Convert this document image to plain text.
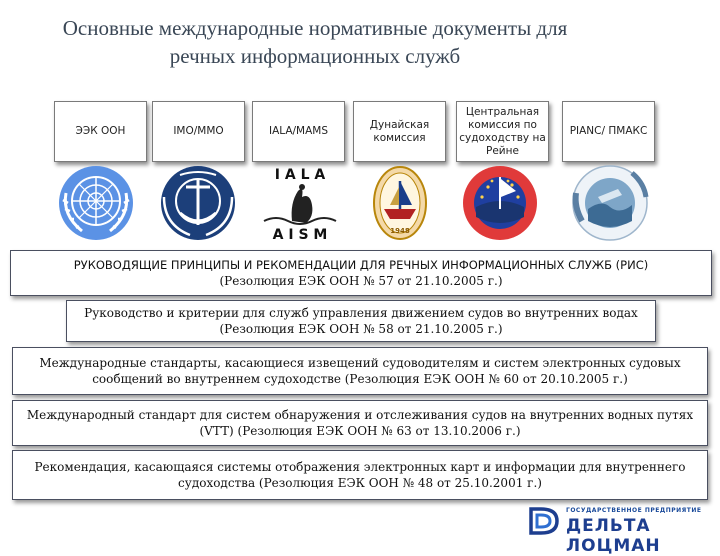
Основные международные нормативные документы для
речных информационных служб
ЭЭК ООН	IMO/ММО	IALA/MAMS
Дунайская комиссия
Центральная комиссия по судоходству на Рейне
PIANC/ ПМАКС
I A L A
A I S M	1948
РУКОВОДЯЩИЕ ПРИНЦИПЫ И РЕКОМЕНДАЦИИ ДЛЯ РЕЧНЫХ ИНФОРМАЦИОННЫХ СЛУЖБ (РИС)
(Резолюция ЕЭК ООН № 57 от 21.10.2005 г.)
Руководство и критерии для служб управления движением судов во внутренних водах
(Резолюция ЕЭК ООН № 58 от 21.10.2005 г.)
Международные стандарты, касающиеся извещений судоводителям и систем электронных судовых
сообщений во внутреннем судоходстве (Резолюция ЕЭК ООН № 60 от 20.10.2005 г.)
Международный стандарт для систем обнаружения и отслеживания судов на внутренних водных путях
(VTT) (Резолюция ЕЭК ООН № 63 от 13.10.2006 г.)
Рекомендация, касающаяся системы отображения электронных карт и информации для внутреннего
судоходства (Резолюция ЕЭК ООН № 48 от 25.10.2001 г.)
ГОСУДАРСТВЕННОЕ ПРЕДПРИЯТИЕ
ДЕЛЬТА ЛОЦМАН
